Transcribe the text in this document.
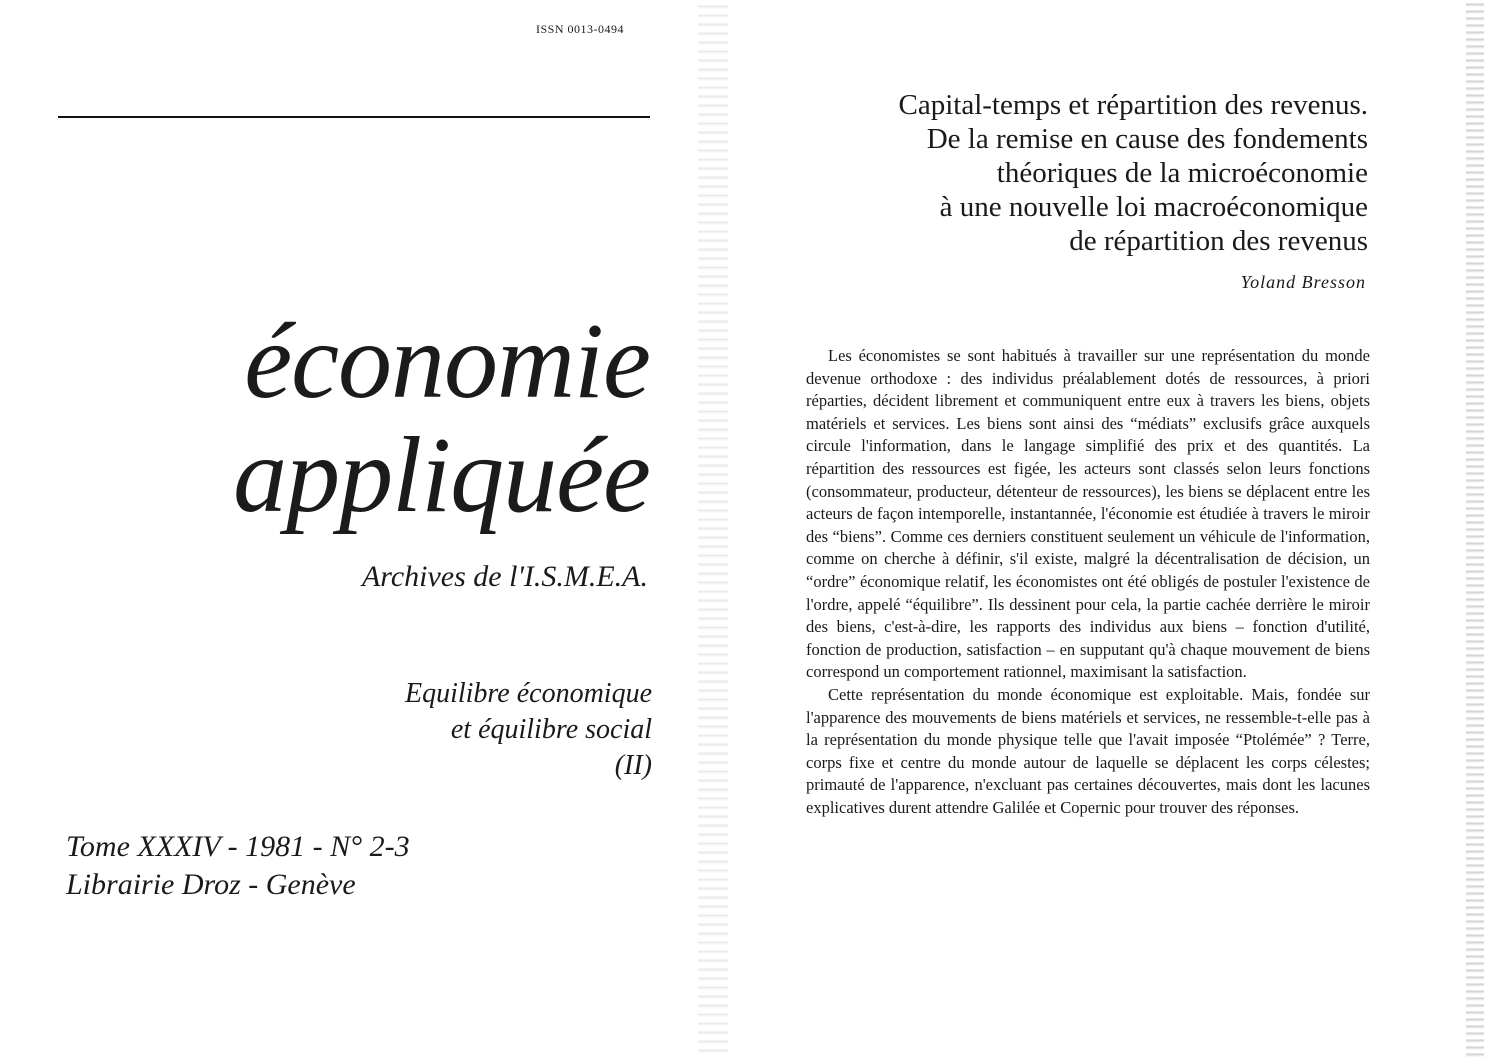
ISSN 0013-0494
économie
appliquée
Archives de l'I.S.M.E.A.
Equilibre économique
et équilibre social
(II)
Tome XXXIV - 1981 - N° 2-3
Librairie Droz - Genève
Capital-temps et répartition des revenus.
De la remise en cause des fondements
théoriques de la microéconomie
à une nouvelle loi macroéconomique
de répartition des revenus
Yoland Bresson

Les économistes se sont habitués à travailler sur une représentation du monde devenue orthodoxe : des individus préalablement dotés de ressources, à priori réparties, décident librement et communiquent entre eux à travers les biens, objets matériels et services. Les biens sont ainsi des “médiats” exclusifs grâce auxquels circule l'information, dans le langage simplifié des prix et des quantités. La répartition des ressources est figée, les acteurs sont classés selon leurs fonctions (consommateur, producteur, détenteur de ressources), les biens se déplacent entre les acteurs de façon intemporelle, instantannée, l'économie est étudiée à travers le miroir des “biens”. Comme ces derniers constituent seulement un véhicule de l'information, comme on cherche à définir, s'il existe, malgré la décentralisation de décision, un “ordre” économique relatif, les économistes ont été obligés de postuler l'existence de l'ordre, appelé “équilibre”. Ils dessinent pour cela, la partie cachée derrière le miroir des biens, c'est-à-dire, les rapports des individus aux biens – fonction d'utilité, fonction de production, satisfaction – en supputant qu'à chaque mouvement de biens correspond un comportement rationnel, maximisant la satisfaction.

Cette représentation du monde économique est exploitable. Mais, fondée sur l'apparence des mouvements de biens matériels et services, ne ressemble-t-elle pas à la représentation du monde physique telle que l'avait imposée “Ptolémée” ? Terre, corps fixe et centre du monde autour de laquelle se déplacent les corps célestes; primauté de l'apparence, n'excluant pas certaines découvertes, mais dont les lacunes explicatives durent attendre Galilée et Copernic pour trouver des réponses.
